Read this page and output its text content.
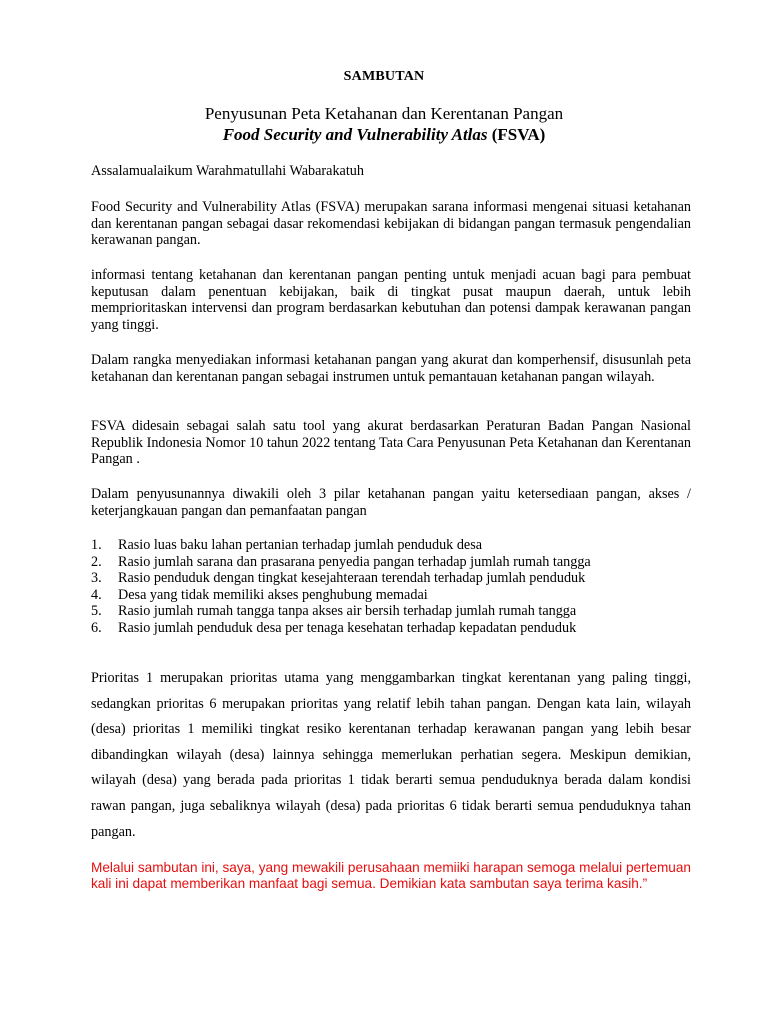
SAMBUTAN
Penyusunan Peta Ketahanan dan Kerentanan Pangan
Food Security and Vulnerability Atlas (FSVA)

Assalamualaikum Warahmatullahi Wabarakatuh

Food Security and Vulnerability Atlas (FSVA) merupakan sarana informasi mengenai situasi ketahanan dan kerentanan pangan sebagai dasar rekomendasi kebijakan di bidangan pangan termasuk pengendalian kerawanan pangan.

informasi tentang ketahanan dan kerentanan pangan penting untuk menjadi acuan bagi para pembuat keputusan dalam penentuan kebijakan, baik di tingkat pusat maupun daerah, untuk lebih memprioritaskan intervensi dan program berdasarkan kebutuhan dan potensi dampak kerawanan pangan yang tinggi.

Dalam rangka menyediakan informasi ketahanan pangan yang akurat dan komperhensif, disusunlah peta ketahanan dan kerentanan pangan sebagai instrumen untuk pemantauan ketahanan pangan wilayah.

FSVA didesain sebagai salah satu tool yang akurat berdasarkan Peraturan Badan Pangan Nasional Republik Indonesia Nomor 10 tahun 2022 tentang Tata Cara Penyusunan Peta Ketahanan dan Kerentanan Pangan .

Dalam penyusunannya diwakili oleh 3 pilar ketahanan pangan yaitu ketersediaan pangan, akses / keterjangkauan pangan dan pemanfaatan pangan

1.	Rasio luas baku lahan pertanian terhadap jumlah penduduk desa
2.	Rasio jumlah sarana dan prasarana penyedia pangan terhadap jumlah rumah tangga
3.	Rasio penduduk dengan tingkat kesejahteraan terendah terhadap jumlah penduduk
4.	Desa yang tidak memiliki akses penghubung memadai
5.	Rasio jumlah rumah tangga tanpa akses air bersih terhadap jumlah rumah tangga
6.	Rasio jumlah penduduk desa per tenaga kesehatan terhadap kepadatan penduduk

Prioritas 1 merupakan prioritas utama yang menggambarkan tingkat kerentanan yang paling tinggi, sedangkan prioritas 6 merupakan prioritas yang relatif lebih tahan pangan. Dengan kata lain, wilayah (desa) prioritas 1 memiliki tingkat resiko kerentanan terhadap kerawanan pangan yang lebih besar dibandingkan wilayah (desa) lainnya sehingga memerlukan perhatian segera. Meskipun demikian, wilayah (desa) yang berada pada prioritas 1 tidak berarti semua penduduknya berada dalam kondisi rawan pangan, juga sebaliknya wilayah (desa) pada prioritas 6 tidak berarti semua penduduknya tahan pangan.

Melalui sambutan ini, saya, yang mewakili perusahaan memiiki harapan semoga melalui pertemuan kali ini dapat memberikan manfaat bagi semua. Demikian kata sambutan saya terima kasih.”
